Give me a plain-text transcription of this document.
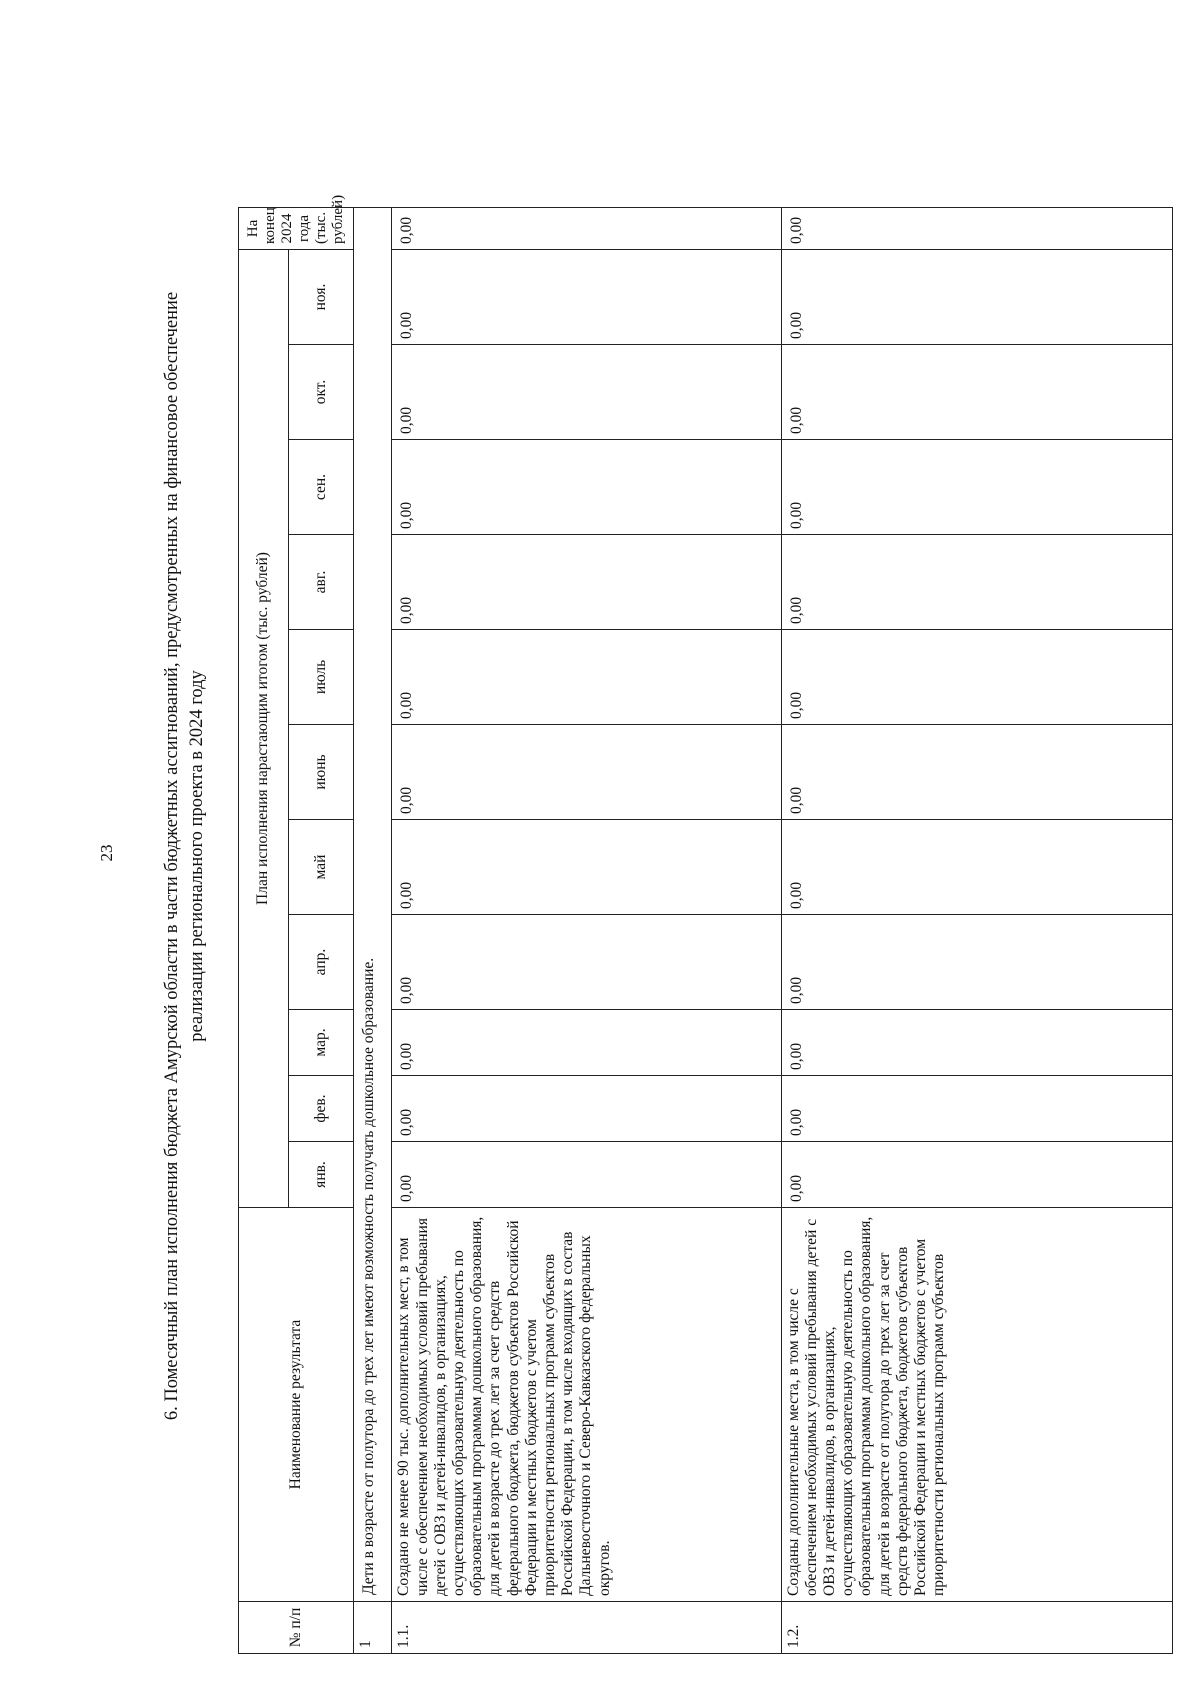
23 6. Помесячный план исполнения бюджета Амурской области в части бюджетных ассигнований, предусмотренных на финансовое обеспечение реализации регионального проекта в 2024 году
№ п/п	Наименование результата	План исполнения нарастающим итогом (тыс. рублей)											На конец 2024 года (тыс. рублей)
		янв.	фев.	мар.	апр.	май	июнь	июль	авг.	сен.	окт.	ноя.	
1	Дети в возрасте от полутора до трех лет имеют возможность получать дошкольное образование.												
1.1.	Создано не менее 90 тыс. дополнительных мест, в том числе с обеспечением необходимых условий пребывания детей с ОВЗ и детей-инвалидов, в организациях, осуществляющих образовательную деятельность по образовательным программам дошкольного образования, для детей в возрасте до трех лет за счет средств федерального бюджета, бюджетов субъектов Российской Федерации и местных бюджетов с учетом приоритетности региональных программ субъектов Российской Федерации, в том числе входящих в состав Дальневосточного и Северо-Кавказского федеральных округов.	0,00	0,00	0,00	0,00	0,00	0,00	0,00	0,00	0,00	0,00	0,00	0,00
1.2.	Созданы дополнительные места, в том числе с обеспечением необходимых условий пребывания детей с ОВЗ и детей-инвалидов, в организациях, осуществляющих образовательную деятельность по образовательным программам дошкольного образования, для детей в возрасте от полутора до трех лет за счет средств федерального бюджета, бюджетов субъектов Российской Федерации и местных бюджетов с учетом приоритетности региональных программ субъектов	0,00	0,00	0,00	0,00	0,00	0,00	0,00	0,00	0,00	0,00	0,00	0,00
